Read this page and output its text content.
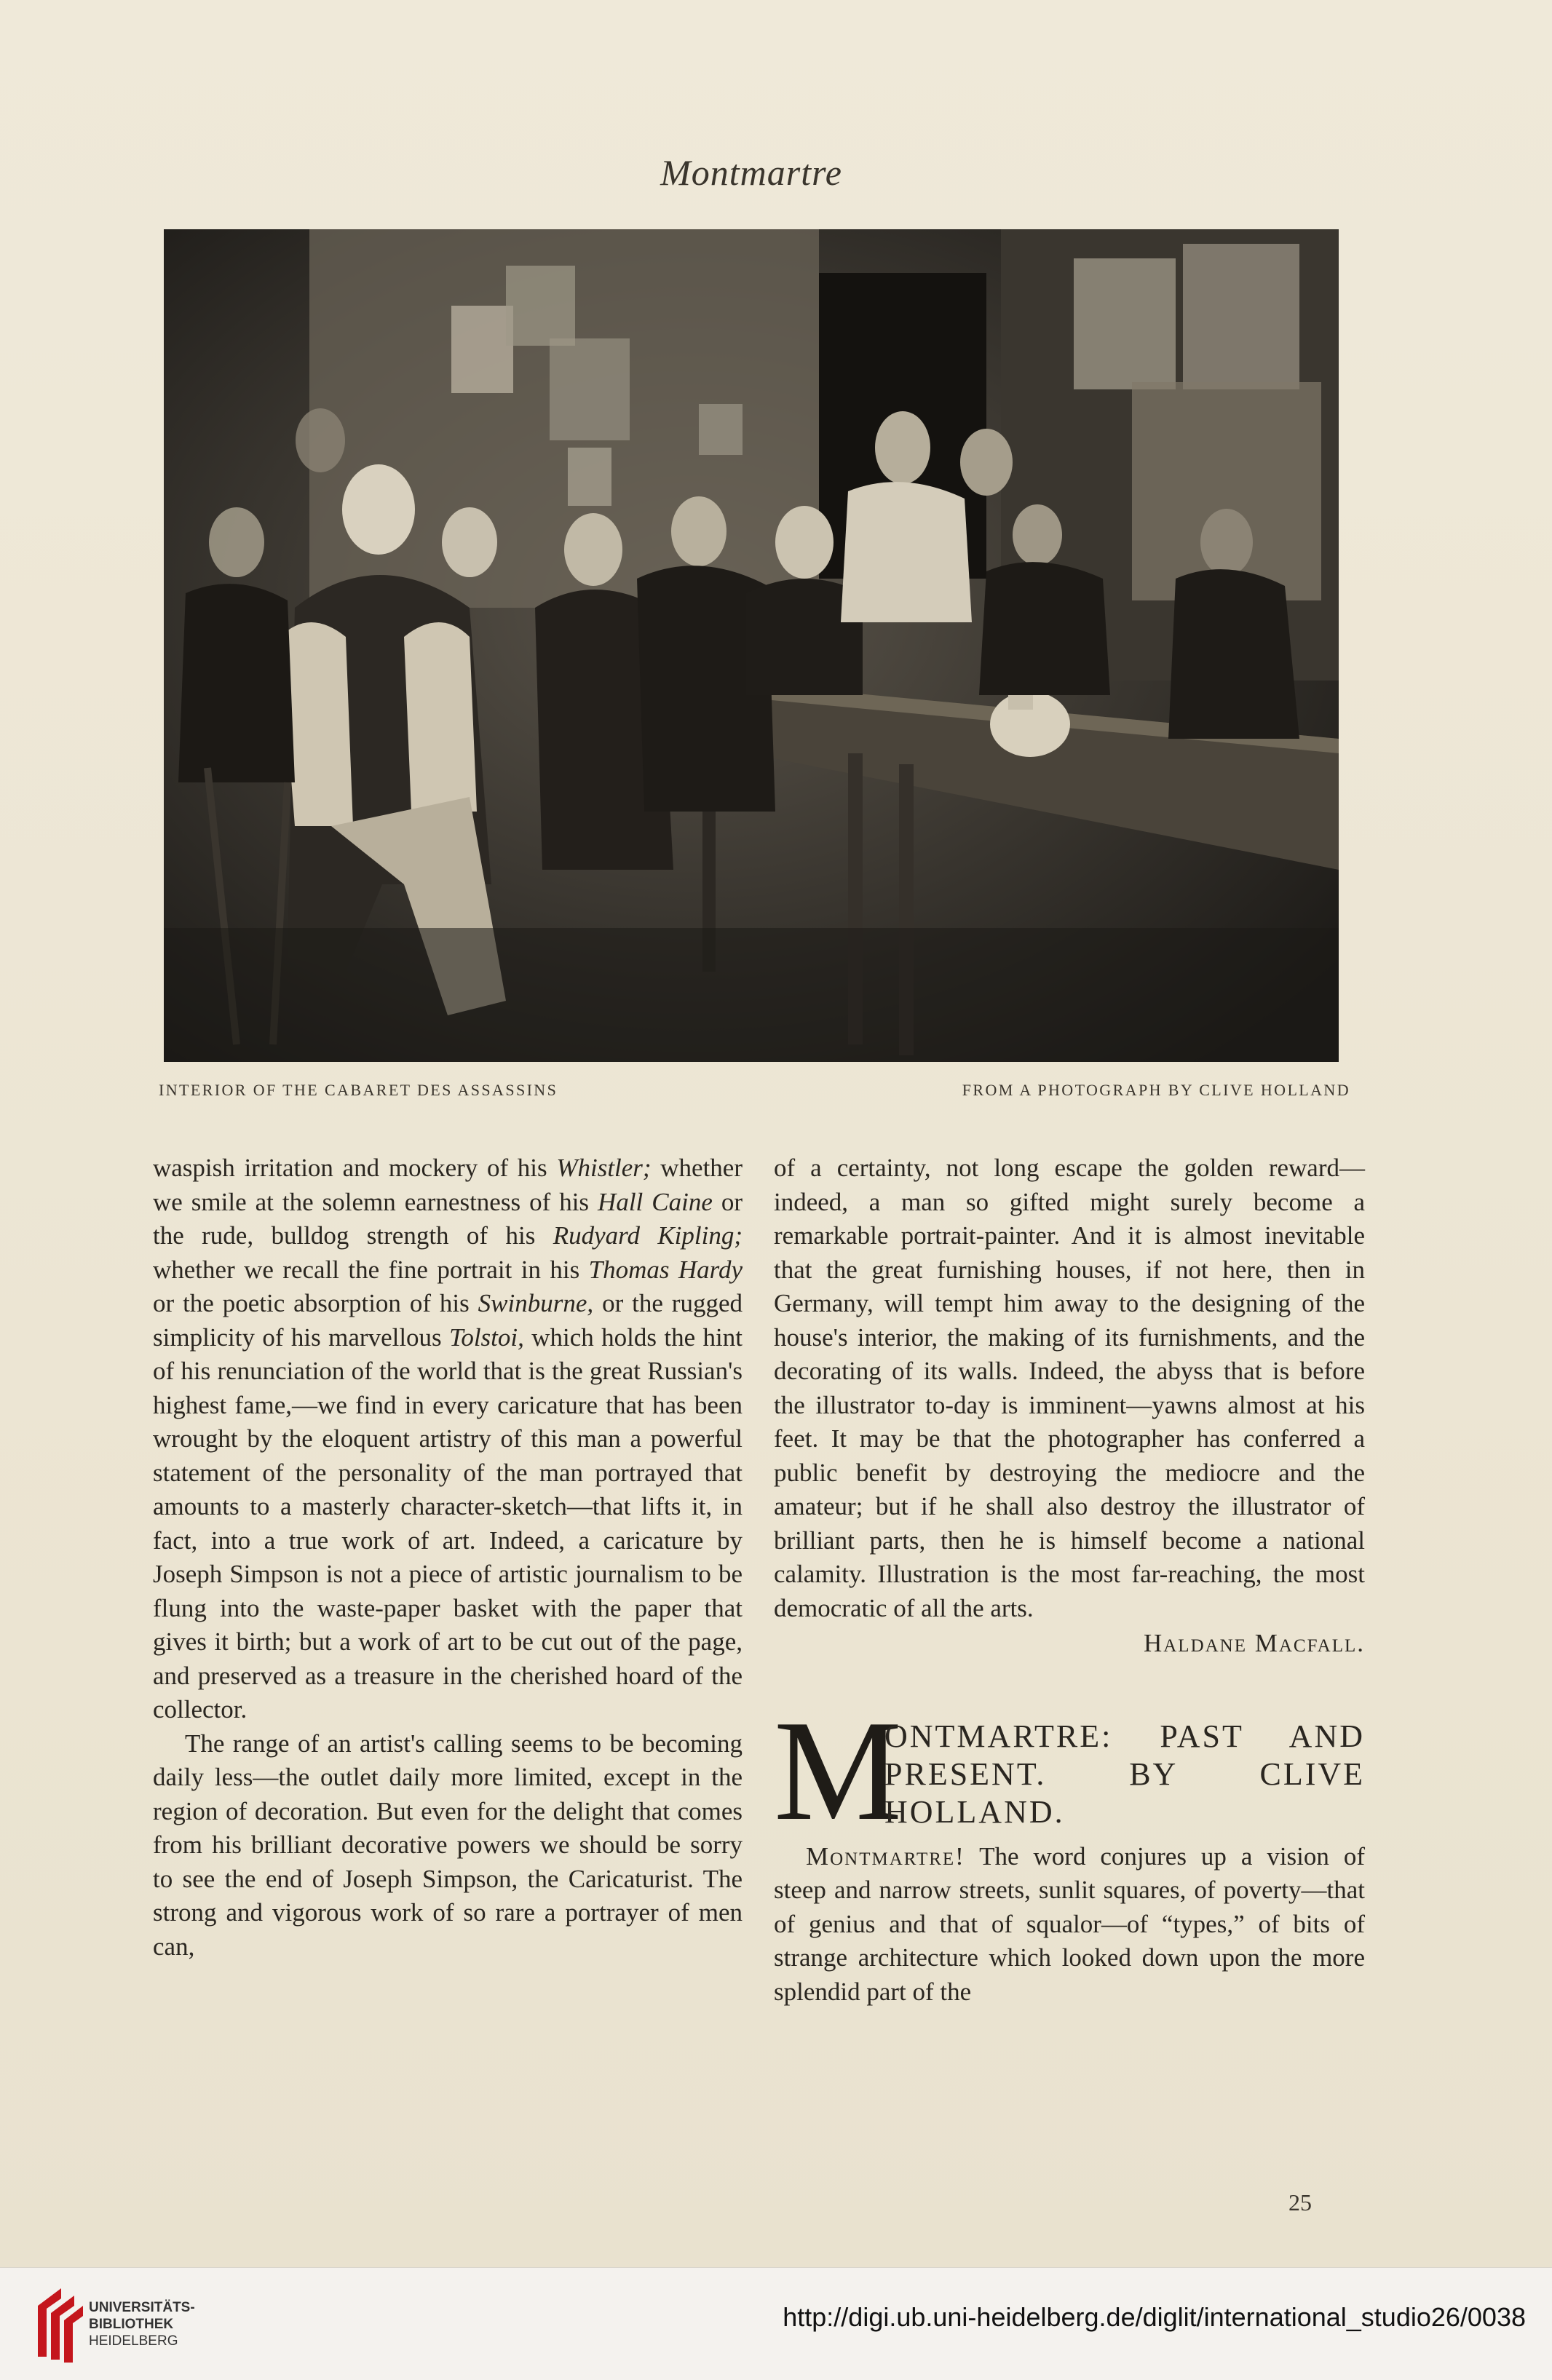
Montmartre
INTERIOR OF THE CABARET DES ASSASSINS	FROM A PHOTOGRAPH BY CLIVE HOLLAND

waspish irritation and mockery of his Whistler; whether we smile at the solemn earnestness of his Hall Caine or the rude, bulldog strength of his Rudyard Kipling; whether we recall the fine portrait in his Thomas Hardy or the poetic absorption of his Swinburne, or the rugged simplicity of his marvellous Tolstoi, which holds the hint of his renunciation of the world that is the great Russian's highest fame,—we find in every caricature that has been wrought by the eloquent artistry of this man a powerful statement of the personality of the man portrayed that amounts to a masterly character-sketch—that lifts it, in fact, into a true work of art. Indeed, a caricature by Joseph Simpson is not a piece of artistic journalism to be flung into the waste-paper basket with the paper that gives it birth; but a work of art to be cut out of the page, and preserved as a treasure in the cherished hoard of the collector.

The range of an artist's calling seems to be becoming daily less—the outlet daily more limited, except in the region of decoration. But even for the delight that comes from his brilliant decorative powers we should be sorry to see the end of Joseph Simpson, the Caricaturist. The strong and vigorous work of so rare a portrayer of men can,

of a certainty, not long escape the golden reward—indeed, a man so gifted might surely become a remarkable portrait-painter. And it is almost inevitable that the great furnishing houses, if not here, then in Germany, will tempt him away to the designing of the house's interior, the making of its furnishments, and the decorating of its walls. Indeed, the abyss that is before the illustrator to-day is imminent—yawns almost at his feet. It may be that the photographer has conferred a public benefit by destroying the mediocre and the amateur; but if he shall also destroy the illustrator of brilliant parts, then he is himself become a national calamity. Illustration is the most far-reaching, the most democratic of all the arts.

Haldane Macfall.
M
ONTMARTRE: PAST AND PRESENT. BY CLIVE HOLLAND.

Montmartre! The word conjures up a vision of steep and narrow streets, sunlit squares, of poverty—that of genius and that of squalor—of “types,” of bits of strange architecture which looked down upon the more splendid part of the

25
UNIVERSITÄTS-
BIBLIOTHEK
HEIDELBERG
http://digi.ub.uni-heidelberg.de/diglit/international_studio26/0038
